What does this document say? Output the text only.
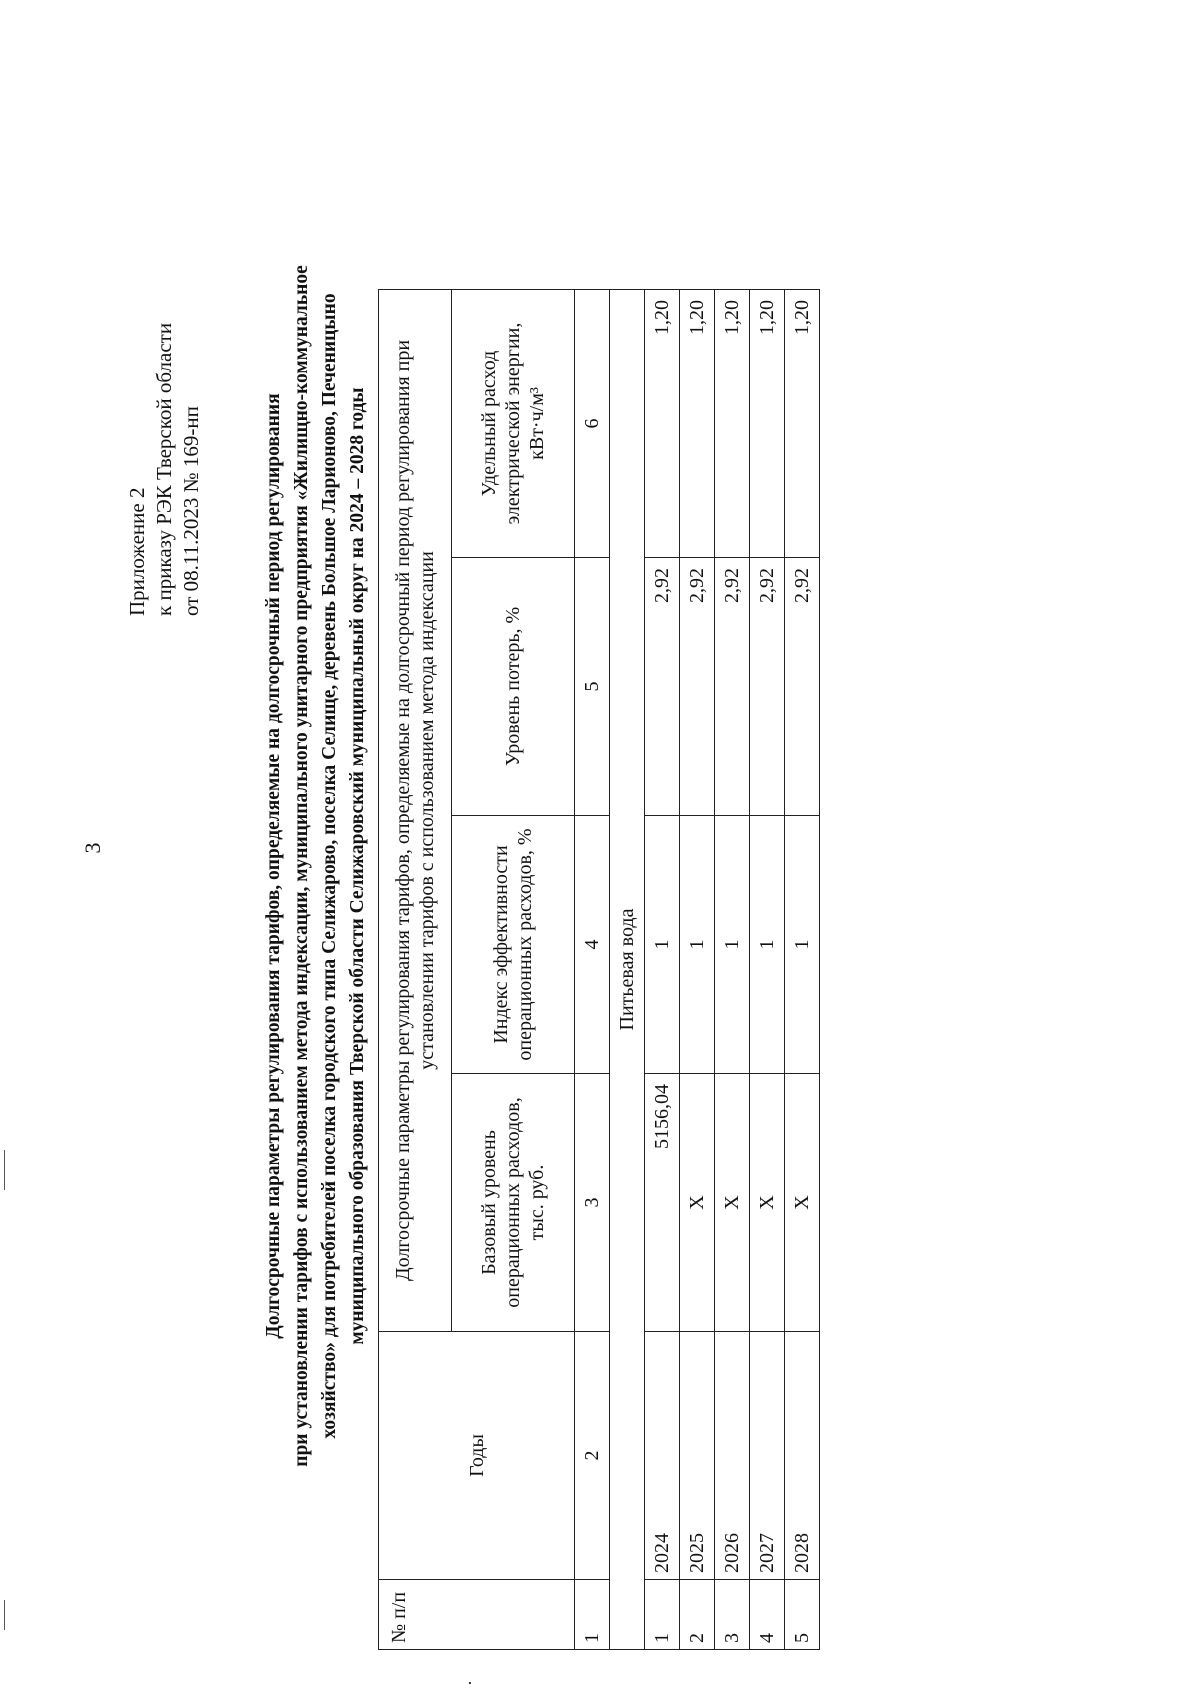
3
Приложение 2 к приказу РЭК Тверской области от 08.11.2023 № 169-нп	Долгосрочные параметры регулирования тарифов, определяемые на долгосрочный период регулирования при установлении тарифов с использованием метода индексации, муниципального унитарного предприятия «Жилищно-коммунальное хозяйство» для потребителей поселка городского типа Селижарово, поселка Селище, деревень Большое Ларионово, Печеницыно муниципального образования Тверской области Селижаровский муниципальный округ на 2024 – 2028 годы
№ п/п	Годы	Долгосрочные параметры регулирования тарифов, определяемые на долгосрочный период регулирования при установлении тарифов с использованием метода индексации			
		Базовый уровень операционных расходов, тыс. руб.	Индекс эффективности операционных расходов, %	Уровень потерь, %	Удельный расход электрической энергии, кВт·ч/м³
1	2	3	4	5	6
Питьевая вода					
1	2024	5156,04	1	2,92	1,20
2	2025	X	1	2,92	1,20
3	2026	X	1	2,92	1,20
4	2027	X	1	2,92	1,20
5	2028	X	1	2,92	1,20
·
